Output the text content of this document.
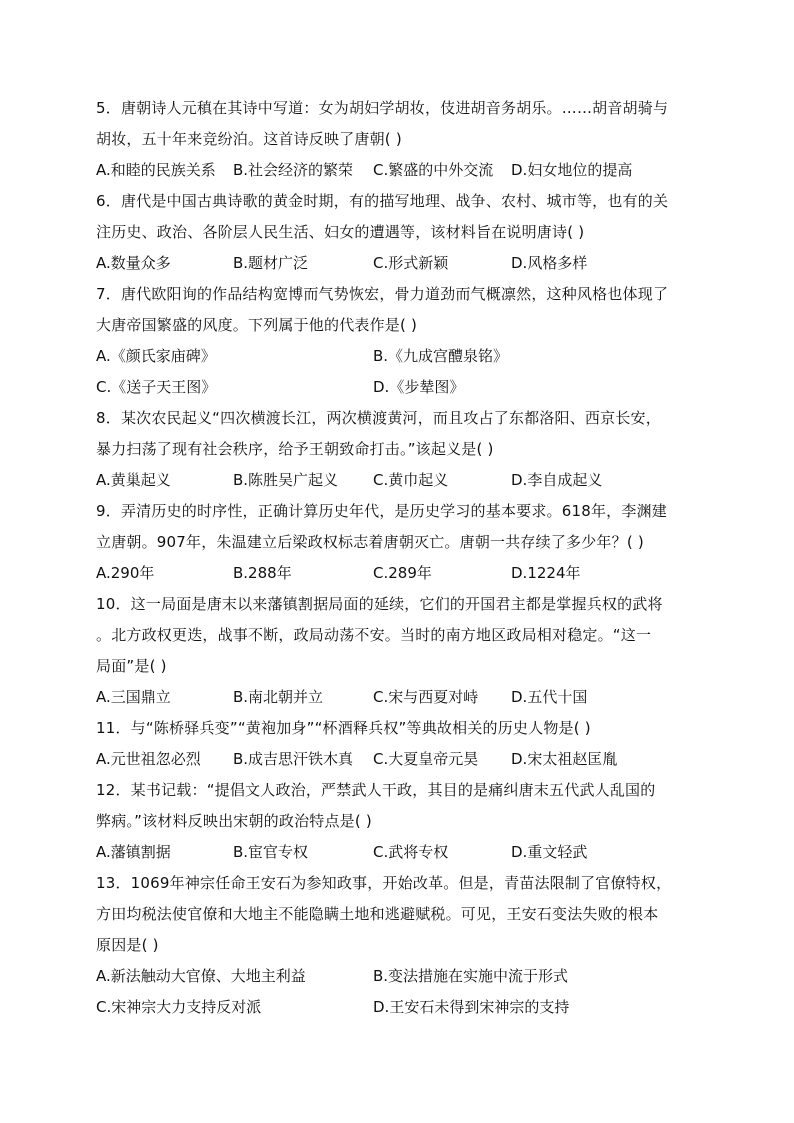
5．唐朝诗人元稹在其诗中写道：女为胡妇学胡妆，伎进胡音务胡乐。……胡音胡骑与
胡妆，五十年来竞纷泊。这首诗反映了唐朝( )
A.和睦的民族关系 B.社会经济的繁荣 C.繁盛的中外交流 D.妇女地位的提高
6．唐代是中国古典诗歌的黄金时期，有的描写地理、战争、农村、城市等，也有的关
注历史、政治、各阶层人民生活、妇女的遭遇等，该材料旨在说明唐诗( )
A.数量众多	B.题材广泛	C.形式新颖	D.风格多样
7．唐代欧阳询的作品结构宽博而气势恢宏，骨力道劲而气概凛然，这种风格也体现了
大唐帝国繁盛的风度。下列属于他的代表作是( )
A.《颜氏家庙碑》	B.《九成宫醴泉铭》
C.《送子天王图》	D.《步辇图》
8．某次农民起义“四次横渡长江，两次横渡黄河，而且攻占了东都洛阳、西京长安，
暴力扫荡了现有社会秩序，给予王朝致命打击。”该起义是( )
A.黄巢起义	B.陈胜吴广起义 C.黄巾起义	D.李自成起义
9．弄清历史的时序性，正确计算历史年代，是历史学习的基本要求。618年，李渊建
立唐朝。907年，朱温建立后梁政权标志着唐朝灭亡。唐朝一共存续了多少年？( )
A.290年	B.288年	C.289年	D.1224年
10．这一局面是唐末以来藩镇割据局面的延续，它们的开国君主都是掌握兵权的武将
。北方政权更迭，战事不断，政局动荡不安。当时的南方地区政局相对稳定。“这一
局面”是( )
A.三国鼎立	B.南北朝并立	C.宋与西夏对峙 D.五代十国
11．与“陈桥驿兵变”“黄袍加身”“杯酒释兵权”等典故相关的历史人物是( )
A.元世祖忽必烈 B.成吉思汗铁木真 C.大夏皇帝元昊 D.宋太祖赵匡胤
12．某书记载：“提倡文人政治，严禁武人干政，其目的是痛纠唐末五代武人乱国的
弊病。”该材料反映出宋朝的政治特点是( )
A.藩镇割据	B.宦官专权	C.武将专权	D.重文轻武
13．1069年神宗任命王安石为参知政事，开始改革。但是，青苗法限制了官僚特权，
方田均税法使官僚和大地主不能隐瞒土地和逃避赋税。可见，王安石变法失败的根本
原因是( )
A.新法触动大官僚、大地主利益	B.变法措施在实施中流于形式
C.宋神宗大力支持反对派	D.王安石未得到宋神宗的支持
